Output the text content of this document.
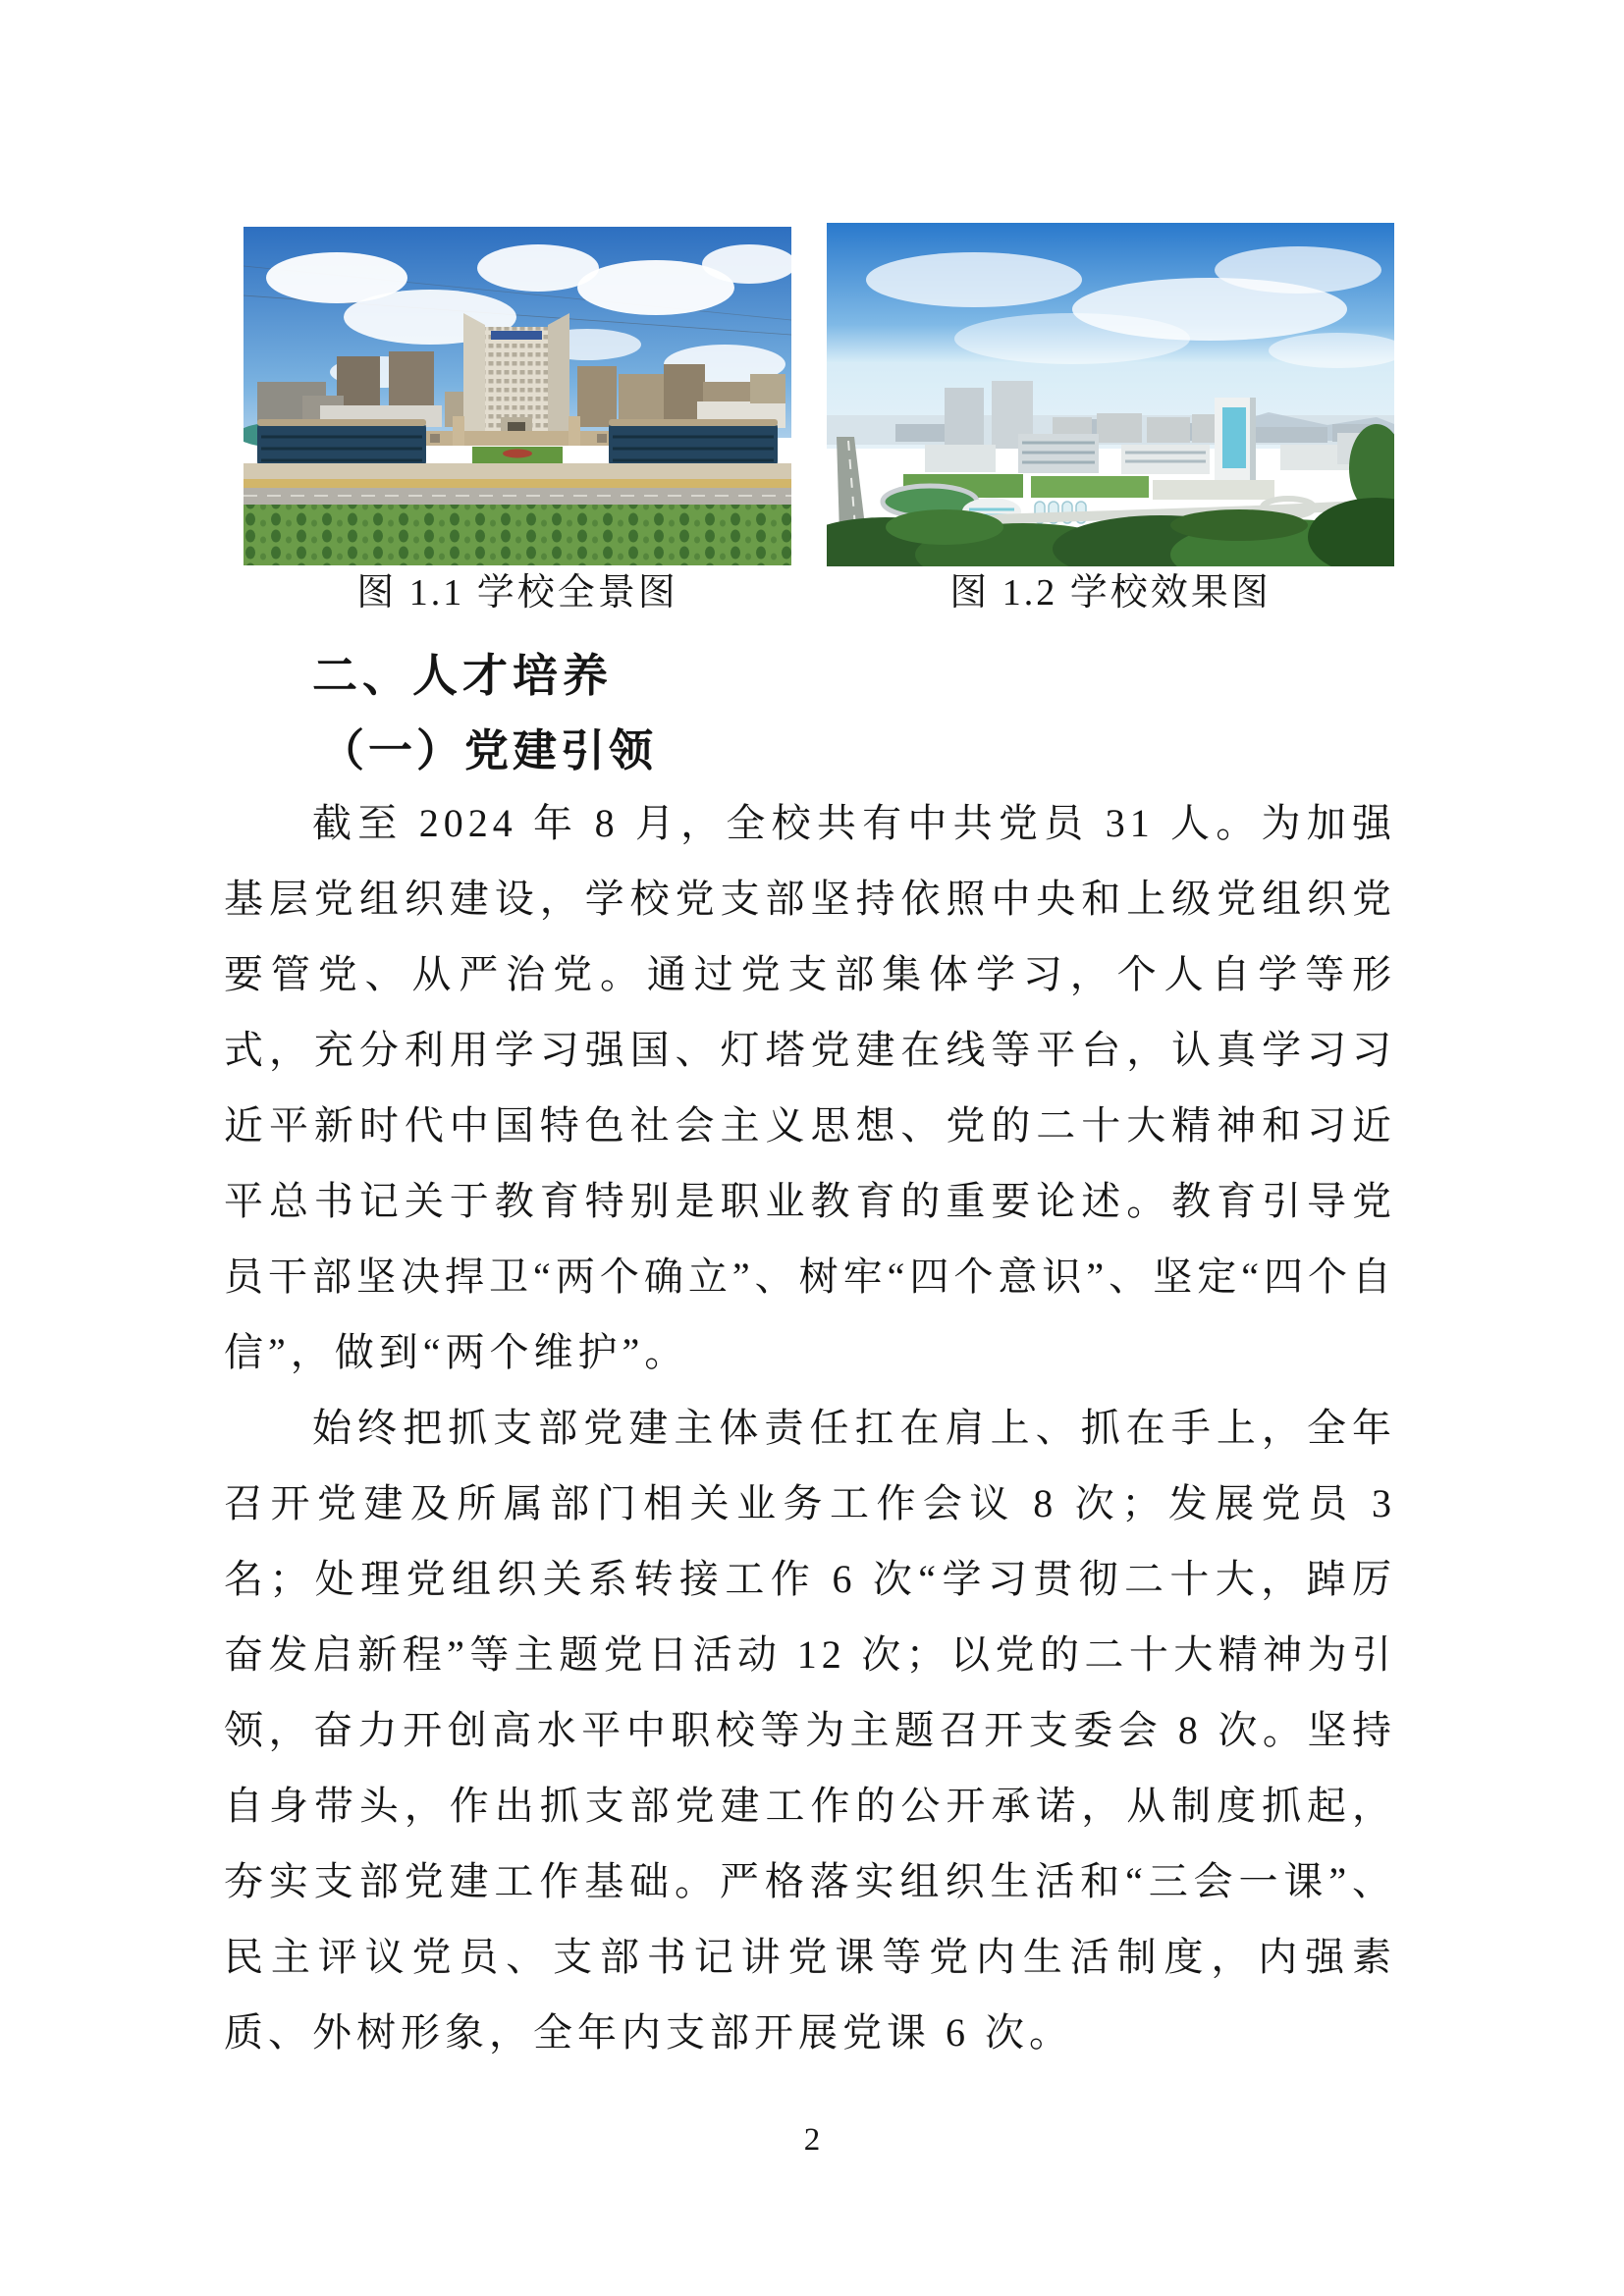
图 1.1 学校全景图	图 1.2 学校效果图
二、人才培养
（一）党建引领

截至 2024 年 8 月，全校共有中共党员 31 人。为加强基层党组织建设，学校党支部坚持依照中央和上级党组织党要管党、从严治党。通过党支部集体学习，个人自学等形式，充分利用学习强国、灯塔党建在线等平台，认真学习习近平新时代中国特色社会主义思想、党的二十大精神和习近平总书记关于教育特别是职业教育的重要论述。教育引导党员干部坚决捍卫“两个确立”、树牢“四个意识”、坚定“四个自信”，做到“两个维护”。

始终把抓支部党建主体责任扛在肩上、抓在手上，全年召开党建及所属部门相关业务工作会议 8 次；发展党员 3 名；处理党组织关系转接工作 6 次“学习贯彻二十大，踔厉奋发启新程”等主题党日活动 12 次；以党的二十大精神为引领，奋力开创高水平中职校等为主题召开支委会 8 次。坚持自身带头，作出抓支部党建工作的公开承诺，从制度抓起，夯实支部党建工作基础。严格落实组织生活和“三会一课”、民主评议党员、支部书记讲党课等党内生活制度，内强素质、外树形象，全年内支部开展党课 6 次。

2
